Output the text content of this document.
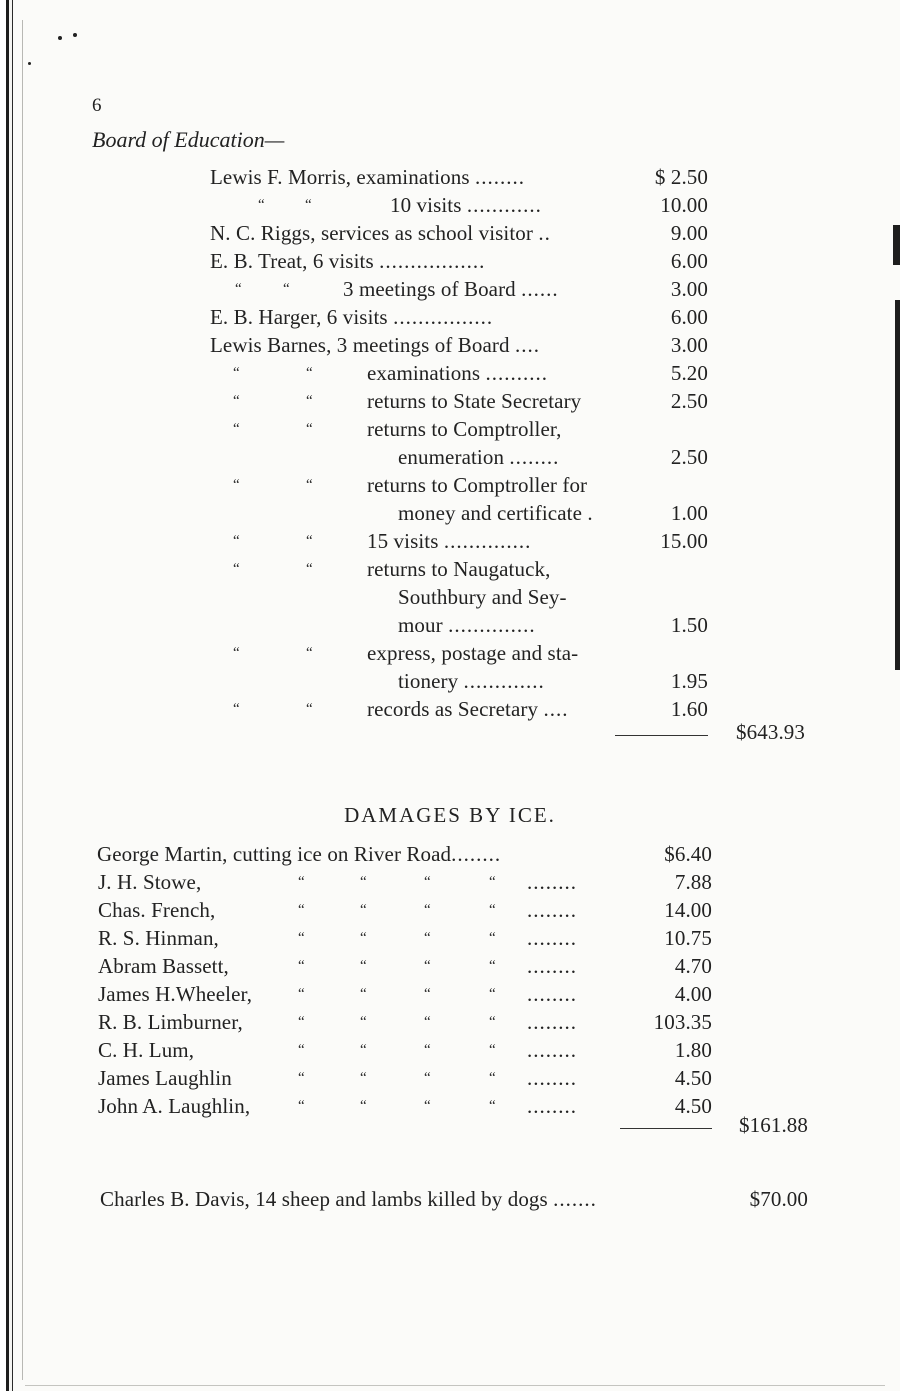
6
Board of Education—
Lewis F. Morris, examinations ........	$ 2.50
“	“	10 visits ............	10.00
N. C. Riggs, services as school visitor ..	9.00
E. B. Treat, 6 visits .................	6.00
“	“	3 meetings of Board ......	3.00
E. B. Harger, 6 visits ................	6.00
Lewis Barnes, 3 meetings of Board ....	3.00
“	“	examinations ..........	5.20
“	“	returns to State Secretary	2.50
“	“	returns to Comptroller,
enumeration ........	2.50
“	“	returns to Comptroller for
money and certificate .	1.00
“	“	15 visits ..............	15.00
“	“	returns to Naugatuck,
Southbury and Sey-
mour ..............	1.50
“	“	express, postage and sta-
tionery .............	1.95
“	“	records as Secretary ....	1.60
$643.93
DAMAGES BY ICE.
George Martin, cutting ice on River Road........	$6.40
J. H. Stowe,	“	“	“	“ ........	7.88
Chas. French,	“	“	“	“ ........	14.00
R. S. Hinman,	“	“	“	“ ........	10.75
Abram Bassett,	“	“	“	“ ........	4.70
James H.Wheeler,	“	“	“	“ ........	4.00
R. B. Limburner,	“	“	“	“ ........	103.35
C. H. Lum,	“	“	“	“ ........	1.80
James Laughlin	“	“	“	“ ........	4.50
John A. Laughlin,	“	“	“	“ ........	4.50
$161.88
Charles B. Davis, 14 sheep and lambs killed by dogs .......	$70.00
